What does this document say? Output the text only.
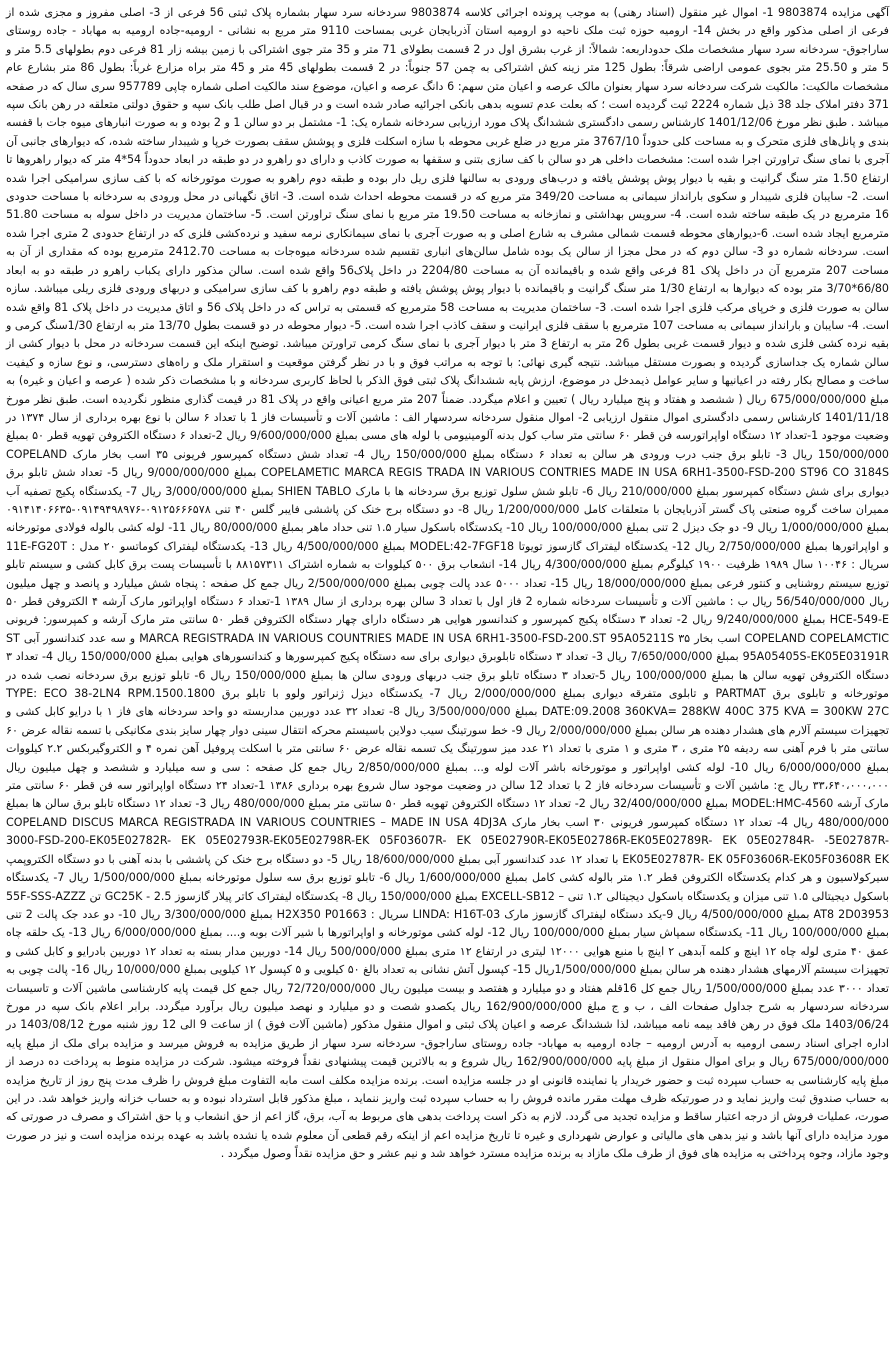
آگهی مزایده 9803874 1- اموال غیر منقول (اسناد رهنی) به موجب پرونده اجرائی کلاسه 9803874 سردخانه سرد سهار بشماره پلاک ثبتی 56 فرعی از 3- اصلی مفروز و مجزی شده از فرعی از اصلی مذکور واقع در بخش 14- ارومیه حوزه ثبت ملک ناحیه دو ارومیه استان آذربایجان غربی بمساحت 9110 متر مربع به نشانی - ارومیه-جاده ارومیه به مهاباد - جاده روستای ساراجوق- سردخانه سرد سهار مشخصات ملک حدوداربعه: شمالاً: از غرب بشرق اول در 2 قسمت بطولای 71 متر و 35 متر جوی اشتراکی با زمین بیشه زار 81 فرعی دوم بطولهای 5.5 متر و 5 متر و 25.50 متر بجوی عمومی اراضی شرقاً: بطول 125 متر زینه کش اشتراکی به چمن 57 جنوباً: در 2 قسمت بطولهای 45 متر و 45 متر براه مزارع غرباً: بطول 86 متر بشارع عام مشخصات مالکیت: مالکیت شرکت سردخانه سرد سهار بعنوان مالک عرصه و اعیان متن سهم: 6 دانگ عرصه و اعیان، موضوع سند مالکیت اصلی شماره چاپی 957789 سری سال که در صفحه 371 دفتر املاک جلد 38 ذیل شماره 2224 ثبت گردیده است ؛ که بعلت عدم تسویه بدهی بانکی اجرائیه صادر شده است و در قبال اصل طلب بانک سپه و حقوق دولتی متعلقه در رهن بانک سپه میباشد . طبق نظر مورخ 1401/12/06 کارشناس رسمی دادگستری ششدانگ پلاک مورد ارزیابی سردخانه شماره یک: 1- مشتمل بر دو سالن 1 و 2 بوده و به صورت انبارهای میوه جات با قفسه بندی و پانل‌های فلزی متحرک و به مساحت کلی حدوداً 3767/10 متر مربع در ضلع غربی محوطه با سازه اسکلت فلزی و پوشش سقف بصورت خرپا و شیبدار ساخته شده، که دیوارهای جانبی آن آجری با نمای سنگ تراورتن اجرا شده است: مشخصات داخلی هر دو سالن با کف سازی بتنی و سقفها به صورت کاذب و دارای دو راهرو در دو طبقه در ابعاد حدوداً 54*4 متر که دیوار راهروها تا ارتفاع 1.50 متر سنگ گرانیت و بقیه با دیوار پوش پوشش یافته و درب‌های ورودی به سالنها فلزی ریل دار بوده و طبقه دوم راهرو به صورت موتورخانه که با کف سازی سرامیکی اجرا شده است. 2- سایبان فلزی شیبدار و سکوی بارانداز سیمانی به مساحت 349/20 متر مربع که در قسمت محوطه احداث شده است. 3- اتاق نگهبانی در محل ورودی به سردخانه با مساحت حدودی 16 مترمربع در یک طبقه ساخته شده است. 4- سرویس بهداشتی و نمازخانه به مساحت 19.50 متر مربع با نمای سنگ تراورتن است. 5- ساختمان مدیریت در داخل سوله به مساحت 51.80 مترمربع ایجاد شده است. 6-دیوارهای محوطه قسمت شمالی مشرف به شارع اصلی و به صورت آجری با نمای سیمانکاری نرمه سفید و نرده‌کشی فلزی که در ارتفاع حدودی 2 متری اجرا شده است. سردخانه شماره دو 3- سالن دوم که در محل مجزا از سالن یک بوده شامل سالن‌های انباری تقسیم شده سردخانه میوه‌جات به مساحت 2412.70 مترمربع بوده که مقداری از آن به مساحت 207 مترمربع آن در داخل پلاک 81 فرعی واقع شده و باقیمانده آن به مساحت 2204/80 در داخل پلاک56 واقع شده است. سالن مذکور دارای یکباب راهرو در طبقه دو به ابعاد 66/80*3/70 متر بوده که دیوارها به ارتفاع 1/30 متر سنگ گرانیت و باقیمانده با دیوار پوش پوشش یافته و طبقه دوم راهرو با کف سازی سرامیکی و دربهای ورودی فلزی ریلی میباشد. سازه سالن به صورت فلزی و خرپای مرکب فلزی اجرا شده است. 3- ساختمان مدیریت به مساحت 58 مترمربع که قسمتی به تراس که در داخل پلاک 56 و اتاق مدیریت در داخل پلاک 81 واقع شده است. 4- سایبان و بارانداز سیمانی به مساحت 107 مترمربع با سقف فلزی ایرانیت و سقف کاذب اجرا شده است. 5- دیوار محوطه در دو قسمت بطول 13/70 متر به ارتفاع 1/30سنگ کرمی و بقیه نرده کشی فلزی شده و دیوار قسمت غربی بطول 26 متر به ارتفاع 3 متر با دیوار آجری با نمای سنگ کرمی تراورتن میباشد. توضیح اینکه این قسمت سردخانه در محل با دیوار کشی از سالن شماره یک جداسازی گردیده و بصورت مستقل میباشد. نتیجه گیری نهائی: با توجه به مراتب فوق و با در نظر گرفتن موقعیت و استقرار ملک و راه‌های دسترسی، و نوع سازه و کیفیت ساخت و مصالح بکار رفته در اعیانیها و سایر عوامل ذیمدخل در موضوع، ارزش پایه ششدانگ پلاک ثبتی فوق الذکر با لحاظ کاربری سردخانه و با مشخصات ذکر شده ( عرصه و اعیان و غیره) به مبلغ 675/000/000/000 ریال ( ششصد و هفتاد و پنج میلیارد ریال ) تعیین و اعلام میگردد. ضمناً 207 متر مربع اعیانی واقع در پلاک 81 در قیمت گذاری منظور نگردیده است. طبق نظر مورخ 1401/11/18 کارشناس رسمی دادگستری اموال منقول ارزیابی 2- اموال منقول سردخانه سردسهار الف : ماشین آلات و تأسیسات فاز 1 با تعداد ۶ سالن با نوع بهره برداری از سال ۱۳۷۴ در وضعیت موجود 1-تعداد ۱۲ دستگاه اواپراتورسه فن قطر ۶۰ سانتی متر ساب کول بدنه آلومینیومی با لوله های مسی بمبلغ 9/600/000/000 ریال 2-تعداد ۶ دستگاه الکتروفن تهویه قطر ۵۰ بمبلغ 150/000/000 ریال 3- تابلو برق جنب درب ورودی هر سالن به تعداد ۶ دستگاه بمبلغ 150/000/000 ریال 4- تعداد شش دستگاه کمپرسور فریونی ۳۵ اسب بخار مارک COPELAND COPELAMETIC MARCA REGIS TRADA IN VARIOUS CONTRIES MADE IN USA 6RH1-3500-FSD-200 ST96 CO 3184S بمبلغ 9/000/000/000 ریال 5- تعداد شش تابلو برق دیواری برای شش دستگاه کمپرسور بمبلغ 210/000/000 ریال 6- تابلو شش سلول توزیع برق سردخانه ها با مارک SHIEN TABLO بمبلغ 3/000/000/000 ریال 7- یکدستگاه پکیج تصفیه آب ممیران ساخت گروه صنعتی پاک گستر آذربایجان با متعلقات کامل 1/200/000/000 ریال 8- دو دستگاه برج خنک کن پاششی فایبر گلس ۴۰ تنی ۰۹۱۲۵۶۶۶۵۷۸-۰۹۱۴۹۴۹۸۹۷۶-۰۹۱۴۱۴۰۶۶۳۵ بمبلغ 1/000/000/000 ریال 9- دو جک دیزل 2 تنی بمبلغ 100/000/000 ریال 10- یکدستگاه باسکول سیار ۱.۵ تنی حداد ماهر بمبلغ 80/000/000 ریال 11- لوله کشی بالوله فولادی موتورخانه و اواپراتورها بمبلغ 2/750/000/000 ریال 12- یکدستگاه لیفتراک گازسوز تویوتا MODEL:42-7FGF18 بمبلغ 4/500/000/000 ریال 13- یکدستگاه لیفتراک کوماتسو ۲۰ مدل : 11E-FG20T سریال : ۱۰۰۴۶ سال ۱۹۸۹ ظرفیت ۱۹۰۰ کیلوگرم بمبلغ 4/300/000/000 ریال 14- انشعاب برق ۵۰۰ کیلووات به شماره اشتراک ۸۸۱۵۷۳۱۱ با تأسیسات پست برق کابل کشی و سیستم تابلو توزیع سیستم روشنایی و کنتور فرعی بمبلغ 18/000/000/000 ریال 15- تعداد ۵۰۰۰ عدد پالت چوبی بمبلغ 2/500/000/000 ریال جمع کل صفحه : پنجاه شش میلیارد و پانصد و چهل میلیون ریال 56/540/000/000 ریال ب : ماشین آلات و تأسیسات سردخانه شماره 2 فاز اول با تعداد 3 سالن بهره برداری از سال ۱۳۸۹ 1-تعداد ۶ دستگاه اواپراتور مارک آرشه ۴ الکتروفن قطر ۵۰ HCE-549-E بمبلغ 9/240/000/000 ریال 2- تعداد ۳ دستگاه پکیج کمپرسور و کندانسور هوایی هر دستگاه دارای چهار دستگاه الکتروفن قطر ۵۰ سانتی متر مارک آرشه و کمپرسور: فریونی COPELAND COPELAMCTIC اسب بخار ۳۵ MARCA REGISTRADA IN VARIOUS COUNTRIES MADE IN USA 6RH1-3500-FSD-200.ST 95A05211S و سه عدد کندانسور آبی ST 95A05405S-EK05E03191R بمبلغ 7/650/000/000 ریال 3- تعداد ۳ دستگاه تابلوبرق دیواری برای سه دستگاه پکیج کمپرسورها و کندانسورهای هوایی بمبلغ 150/000/000 ریال 4- تعداد ۳ دستگاه الکتروفن تهویه سالن ها بمبلغ 100/000/000 ریال 5-تعداد ۳ دستگاه تابلو برق جنب دربهای ورودی سالن ها بمبلغ 150/000/000 ریال 6- تابلو توزیع برق سردخانه نصب شده در موتورخانه و تابلوی برق PARTMAT و تابلوی متفرقه دیواری بمبلغ 2/000/000/000 ریال 7- یکدستگاه دیزل ژنراتور ولوو با تابلو برق TYPE: ECO 38-2LN4 RPM.1500.1800 DATE:09.2008 360KVA= 288KW 400C 375 KVA = 300KW 27C بمبلغ 3/500/000/000 ریال 8- تعداد ۳۲ عدد دوربین مداربسته دو واحد سردخانه های فاز ۱ با درایو کابل کشی و تجهیزات سیستم آلارم های هشدار دهنده هر سالن بمبلغ 2/000/000/000 ریال 9- خط سورتینگ سیب دولاین باسیستم محرکه انتقال سینی دوار چهار سایز بندی مکانیکی با تسمه نقاله عرض ۶۰ سانتی متر با فرم آهنی سه ردیفه ۲۵ متری ، ۳ متری و ۱ متری با تعداد ۲۱ عدد میز سورتینگ یک تسمه نقاله عرض ۶۰ سانتی متر با اسکلت پروفیل آهن نمره ۴ و الکتروگیربکس ۲.۲ کیلووات بمبلغ 6/000/000/000 ریال 10- لوله کشی اواپراتور و موتورخانه باشر آلات لوله و... بمبلغ 2/850/000/000 ریال جمع کل صفحه : سی و سه میلیارد و ششصد و چهل میلیون ریال ۳۳،۶۴۰،۰۰۰،۰۰۰ ریال ج: ماشین آلات و تأسیسات سردخانه فاز 2 با تعداد 12 سالن در وضعیت موجود سال شروع بهره برداری ۱۳۸۶ 1-تعداد ۲۴ دستگاه اواپراتور سه فن قطر ۶۰ سانتی متر مارک آرشه MODEL:HMC-4560 بمبلغ 32/400/000/000 ریال 2- تعداد ۱۲ دستگاه الکتروفن تهویه قطر ۵۰ سانتی متر بمبلغ 480/000/000 ریال 3- تعداد ۱۲ دستگاه تابلو برق سالن ها بمبلغ 480/000/000 ریال 4- تعداد ۱۲ دستگاه کمپرسور فریونی ۳۰ اسب بخار مارک COPELAND DISCUS MARCA REGISTRADA IN VARIOUS COUNTRIES – MADE IN USA 4DJ3A 3000-FSD-200-EK05E02782R- EK 05E02793R-EK05E02798R-EK 05F03607R- EK 05E02790R-EK05E02786R-EK05E02789R- EK 05E02784R- -5E02787R-EK05E02787R- EK 05F03606R-EK05F03608R EK با تعداد ۱۲ عدد کندانسور آبی بمبلغ 18/600/000/000 ریال 5- دو دستگاه برج خنک کن پاششی با بدنه آهنی با دو دستگاه الکتروپمپ سیرکولاسیون و هر کدام یکدستگاه الکتروفن قطر ۱.۲ متر بالوله کشی کامل بمبلغ 1/600/000/000 ریال 6- تابلو توزیع برق سه سلول موتورخانه بمبلغ 1/500/000/000 ریال 7- یکدستگاه باسکول دیجیتالی ۱.۵ تنی میزان و یکدستگاه باسکول دیجیتالی ۱.۲ تنی – EXCELL-SB12 بمبلغ 150/000/000 ریال 8- یکدستگاه لیفتراک کاتر پیلار گازسوز 2.5 - GC25K تن 55F-SSS-AZZZ AT8 2D03953 بمبلغ 4/500/000/000 ریال 9-یکد دستگاه لیفتراک گازسوز مارک LINDA: H16T-03 سریال : H2X350 P01663 بمبلغ 3/300/000/000 ریال 10- دو عدد جک پالت 2 تنی بمبلغ 100/000/000 ریال 11- یکدستگاه سمپاش سیار بمبلغ 100/000/000 ریال 12- لوله کشی موتورخانه و اواپراتورها با شیر آلات بوبه و.... بمبلغ 6/000/000/000 ریال 13- یک حلقه چاه عمق ۴۰ متری لوله چاه ۱۲ اینچ و کلمه آبدهی ۲ اینچ با منبع هوایی ۱۲۰۰۰ لیتری در ارتفاع ۱۲ متری بمبلغ 500/000/000 ریال 14- دوربین مدار بسته به تعداد ۱۲ دوربین بادرایو و کابل کشی و تجهیزات سیستم آلارمهای هشدار دهنده هر سالن بمبلغ 1/500/000/000ریال 15- کپسول آتش نشانی به تعداد بالغ ۵۰ کیلویی و ۵ کپسول ۱۲ کیلویی بمبلغ 10/000/000 ریال 16- پالت چوبی به تعداد ۳۰۰۰ عدد بمبلغ 1/500/000/000 ریال جمع کل 16قلم هفتاد و دو میلیارد و هفتصد و بیست میلیون ریال 72/720/000/000 ریال جمع کل قیمت پایه کارشناسی ماشین آلات و تاسیسات سردخانه سردسهار به شرح جداول صفحات الف ، ب و ج مبلغ 162/900/000/000 ریال یکصدو شصت و دو میلیارد و نهصد میلیون ریال برآورد میگردد. برابر اعلام بانک سپه در مورخ 1403/06/24 ملک فوق در رهن فاقد بیمه نامه میباشد، لذا ششدانگ عرصه و اعیان پلاک ثبتی و اموال منقول مذکور (ماشین آلات فوق ) از ساعت 9 الی 12 روز شنبه مورخ 1403/08/12 در اداره اجرای اسناد رسمی ارومیه به آدرس ارومیه – جاده ارومیه به مهاباد- جاده روستای ساراجوق- سردخانه سرد سهار از طریق مزایده به فروش میرسد و مزایده برای ملک از مبلغ پایه 675/000/000/000 ریال و برای اموال منقول از مبلغ پایه 162/900/000/000 ریال شروع و به بالاترین قیمت پیشنهادی نقداً فروخته میشود. شرکت در مزایده منوط به پرداخت ده درصد از مبلغ پایه کارشناسی به حساب سپرده ثبت و حضور خریدار یا نماینده قانونی او در جلسه مزایده است. برنده مزایده مکلف است مابه التفاوت مبلغ فروش را ظرف مدت پنج روز از تاریخ مزایده به حساب صندوق ثبت واریز نماید و در صورتیکه ظرف مهلت مقرر مانده فروش را به حساب سپرده ثبت واریز ننماید ، مبلغ مذکور قابل استرداد نبوده و به حساب خزانه واریز خواهد شد. در این صورت، عملیات فروش از درجه اعتبار ساقط و مزایده تجدید می گردد. لازم به ذکر است پرداخت بدهی های مربوط به آب، برق، گاز اعم از حق انشعاب و یا حق اشتراک و مصرف در صورتی که مورد مزایده دارای آنها باشد و نیز بدهی های مالیاتی و عوارض شهرداری و غیره تا تاریخ مزایده اعم از اینکه رقم قطعی آن معلوم شده یا نشده باشد به عهده برنده مزایده است و نیز در صورت وجود مازاد، وجوه پرداختی به مزایده های فوق از طرف ملک مازاد به برنده مزایده مسترد خواهد شد و نیم عشر و حق مزایده نقداً وصول میگردد .
